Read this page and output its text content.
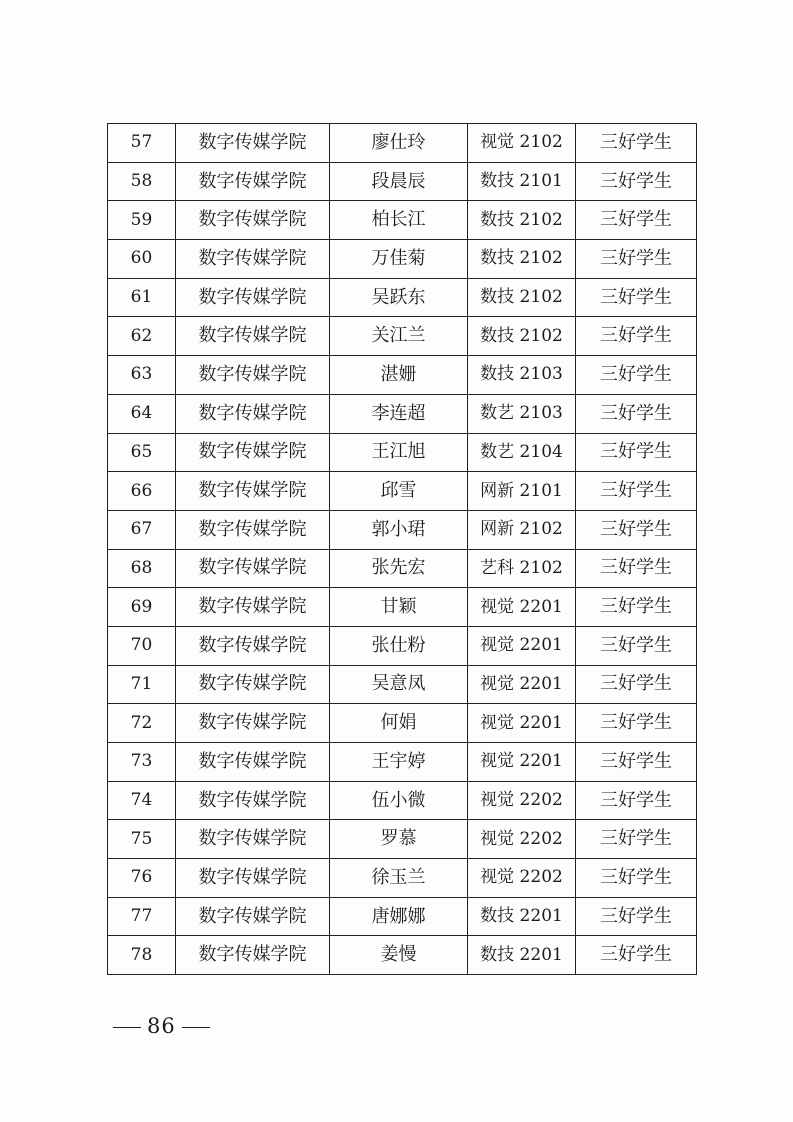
57	数字传媒学院	廖仕玲	视觉 2102	三好学生
58	数字传媒学院	段晨辰	数技 2101	三好学生
59	数字传媒学院	柏长江	数技 2102	三好学生
60	数字传媒学院	万佳菊	数技 2102	三好学生
61	数字传媒学院	吴跃东	数技 2102	三好学生
62	数字传媒学院	关江兰	数技 2102	三好学生
63	数字传媒学院	湛姗	数技 2103	三好学生
64	数字传媒学院	李连超	数艺 2103	三好学生
65	数字传媒学院	王江旭	数艺 2104	三好学生
66	数字传媒学院	邱雪	网新 2101	三好学生
67	数字传媒学院	郭小珺	网新 2102	三好学生
68	数字传媒学院	张先宏	艺科 2102	三好学生
69	数字传媒学院	甘颖	视觉 2201	三好学生
70	数字传媒学院	张仕粉	视觉 2201	三好学生
71	数字传媒学院	吴意凤	视觉 2201	三好学生
72	数字传媒学院	何娟	视觉 2201	三好学生
73	数字传媒学院	王宇婷	视觉 2201	三好学生
74	数字传媒学院	伍小微	视觉 2202	三好学生
75	数字传媒学院	罗慕	视觉 2202	三好学生
76	数字传媒学院	徐玉兰	视觉 2202	三好学生
77	数字传媒学院	唐娜娜	数技 2201	三好学生
78	数字传媒学院	姜慢	数技 2201	三好学生
86
